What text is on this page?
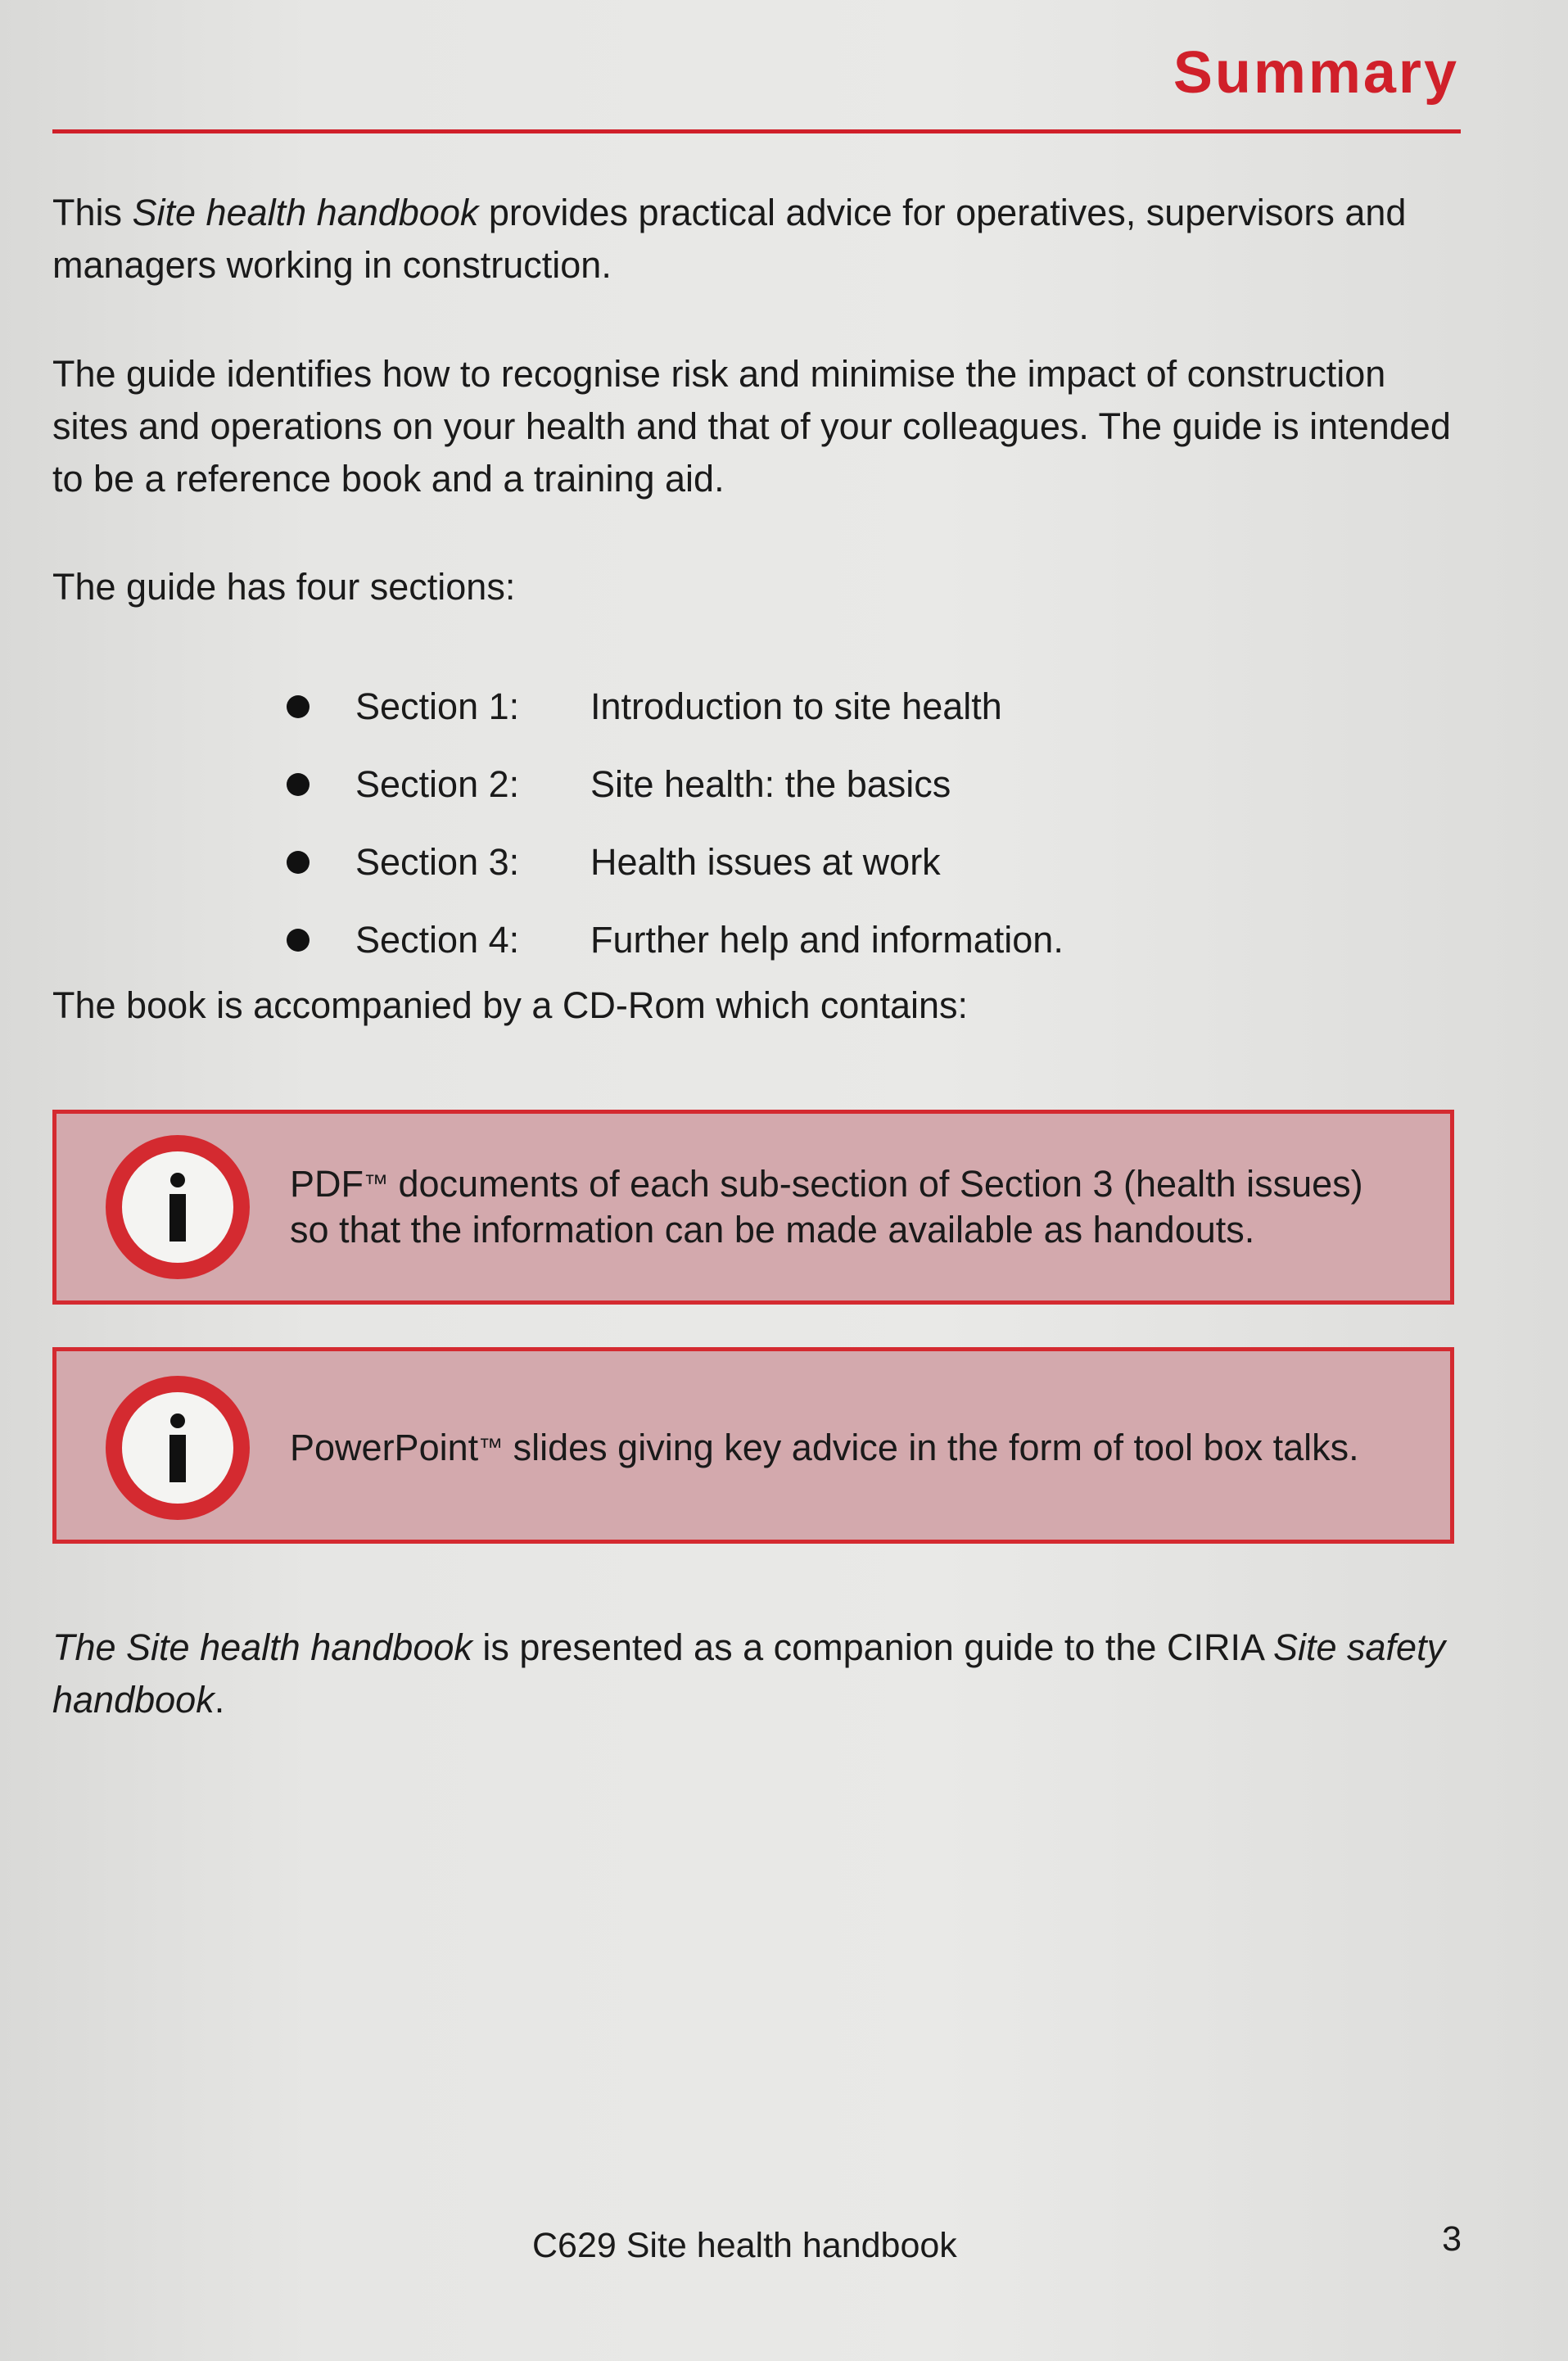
Summary

This Site health handbook provides practical advice for operatives, supervisors and managers working in construction.

The guide identifies how to recognise risk and minimise the impact of construction sites and operations on your health and that of your colleagues. The guide is intended to be a reference book and a training aid.

The guide has four sections:

Section 1:	Introduction to site health
Section 2:	Site health: the basics
Section 3:	Health issues at work
Section 4:	Further help and information.

The book is accompanied by a CD-Rom which contains:

PDF™ documents of each sub-section of Section 3 (health issues) so that the information can be made available as handouts.

PowerPoint™ slides giving key advice in the form of tool box talks.

The Site health handbook is presented as a companion guide to the CIRIA Site safety handbook.

C629 Site health handbook	3
